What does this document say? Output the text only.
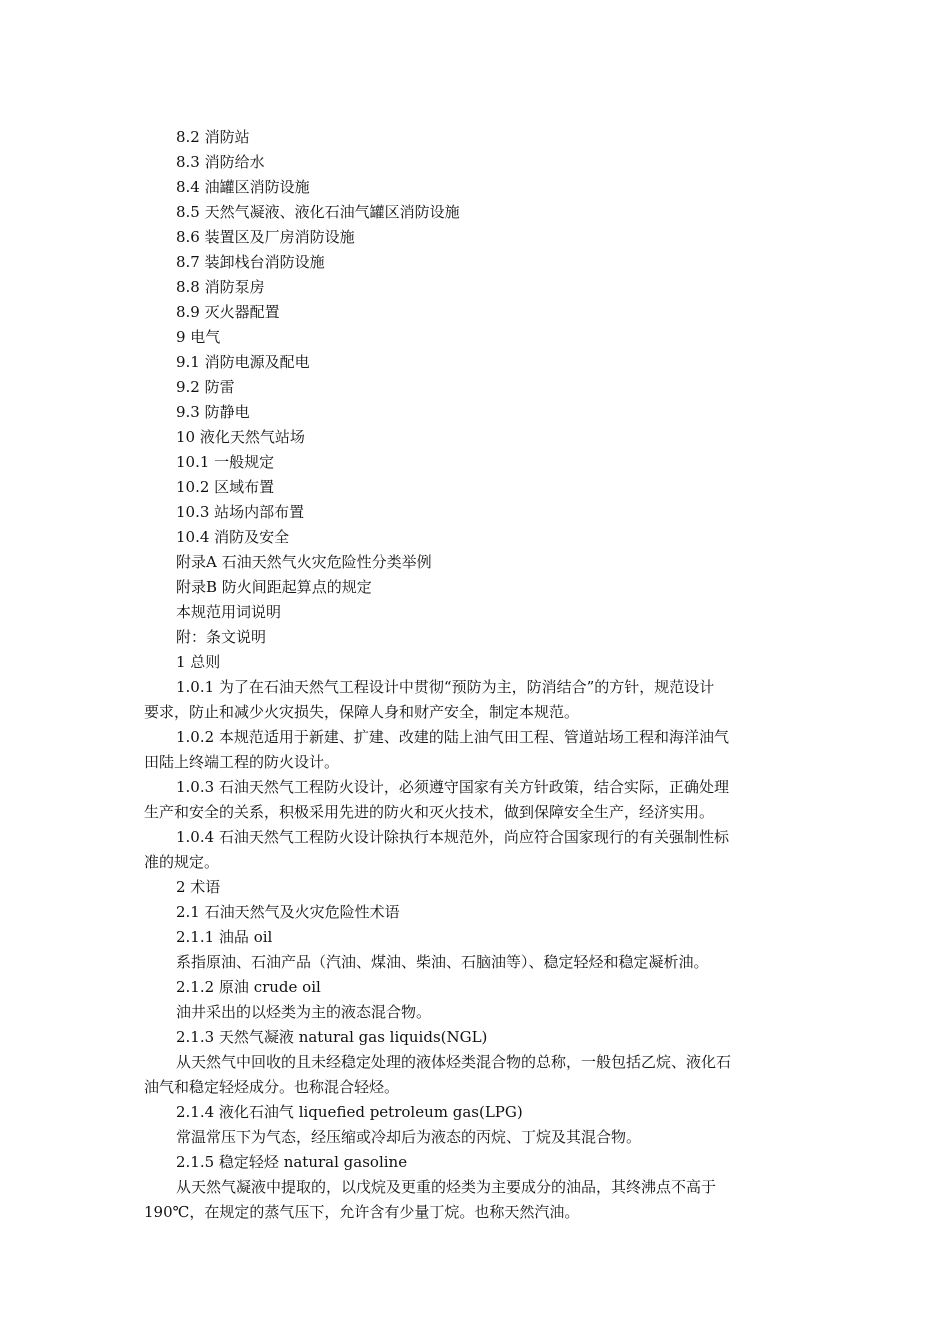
8.2 消防站
8.3 消防给水
8.4 油罐区消防设施
8.5 天然气凝液、液化石油气罐区消防设施
8.6 装置区及厂房消防设施
8.7 装卸栈台消防设施
8.8 消防泵房
8.9 灭火器配置
9 电气
9.1 消防电源及配电
9.2 防雷
9.3 防静电
10 液化天然气站场
10.1 一般规定
10.2 区域布置
10.3 站场内部布置
10.4 消防及安全
附录A 石油天然气火灾危险性分类举例
附录B 防火间距起算点的规定
本规范用词说明
附：条文说明
1 总则
1.0.1 为了在石油天然气工程设计中贯彻“预防为主，防消结合”的方针，规范设计
要求，防止和减少火灾损失，保障人身和财产安全，制定本规范。
1.0.2 本规范适用于新建、扩建、改建的陆上油气田工程、管道站场工程和海洋油气
田陆上终端工程的防火设计。
1.0.3 石油天然气工程防火设计，必须遵守国家有关方针政策，结合实际，正确处理
生产和安全的关系，积极采用先进的防火和灭火技术，做到保障安全生产，经济实用。
1.0.4 石油天然气工程防火设计除执行本规范外，尚应符合国家现行的有关强制性标
准的规定。
2 术语
2.1 石油天然气及火灾危险性术语
2.1.1 油品 oil
系指原油、石油产品（汽油、煤油、柴油、石脑油等）、稳定轻烃和稳定凝析油。
2.1.2 原油 crude oil
油井采出的以烃类为主的液态混合物。
2.1.3 天然气凝液 natural gas liquids(NGL)
从天然气中回收的且未经稳定处理的液体烃类混合物的总称，一般包括乙烷、液化石
油气和稳定轻烃成分。也称混合轻烃。
2.1.4 液化石油气 liquefied petroleum gas(LPG)
常温常压下为气态，经压缩或冷却后为液态的丙烷、丁烷及其混合物。
2.1.5 稳定轻烃 natural gasoline
从天然气凝液中提取的，以戊烷及更重的烃类为主要成分的油品，其终沸点不高于
190℃，在规定的蒸气压下，允许含有少量丁烷。也称天然汽油。
